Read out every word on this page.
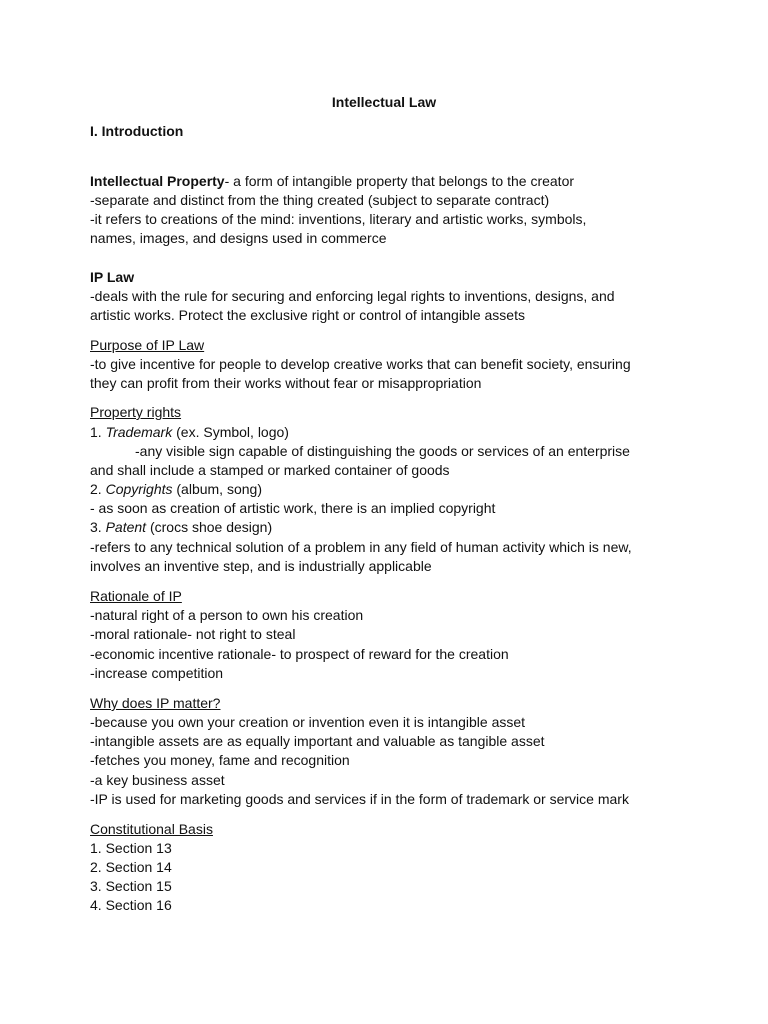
Intellectual Law
I. Introduction
Intellectual Property- a form of intangible property that belongs to the creator
-separate and distinct from the thing created (subject to separate contract)
-it refers to creations of the mind: inventions, literary and artistic works, symbols,
names, images, and designs used in commerce
IP Law
-deals with the rule for securing and enforcing legal rights to inventions, designs, and
artistic works. Protect the exclusive right or control of intangible assets
Purpose of IP Law
-to give incentive for people to develop creative works that can benefit society, ensuring
they can profit from their works without fear or misappropriation
Property rights
1. Trademark (ex. Symbol, logo)
-any visible sign capable of distinguishing the goods or services of an enterprise
and shall include a stamped or marked container of goods
2. Copyrights (album, song)
- as soon as creation of artistic work, there is an implied copyright
3. Patent (crocs shoe design)
-refers to any technical solution of a problem in any field of human activity which is new,
involves an inventive step, and is industrially applicable
Rationale of IP
-natural right of a person to own his creation
-moral rationale- not right to steal
-economic incentive rationale- to prospect of reward for the creation
-increase competition
Why does IP matter?
-because you own your creation or invention even it is intangible asset
-intangible assets are as equally important and valuable as tangible asset
-fetches you money, fame and recognition
-a key business asset
-IP is used for marketing goods and services if in the form of trademark or service mark
Constitutional Basis
1. Section 13
2. Section 14
3. Section 15
4. Section 16
